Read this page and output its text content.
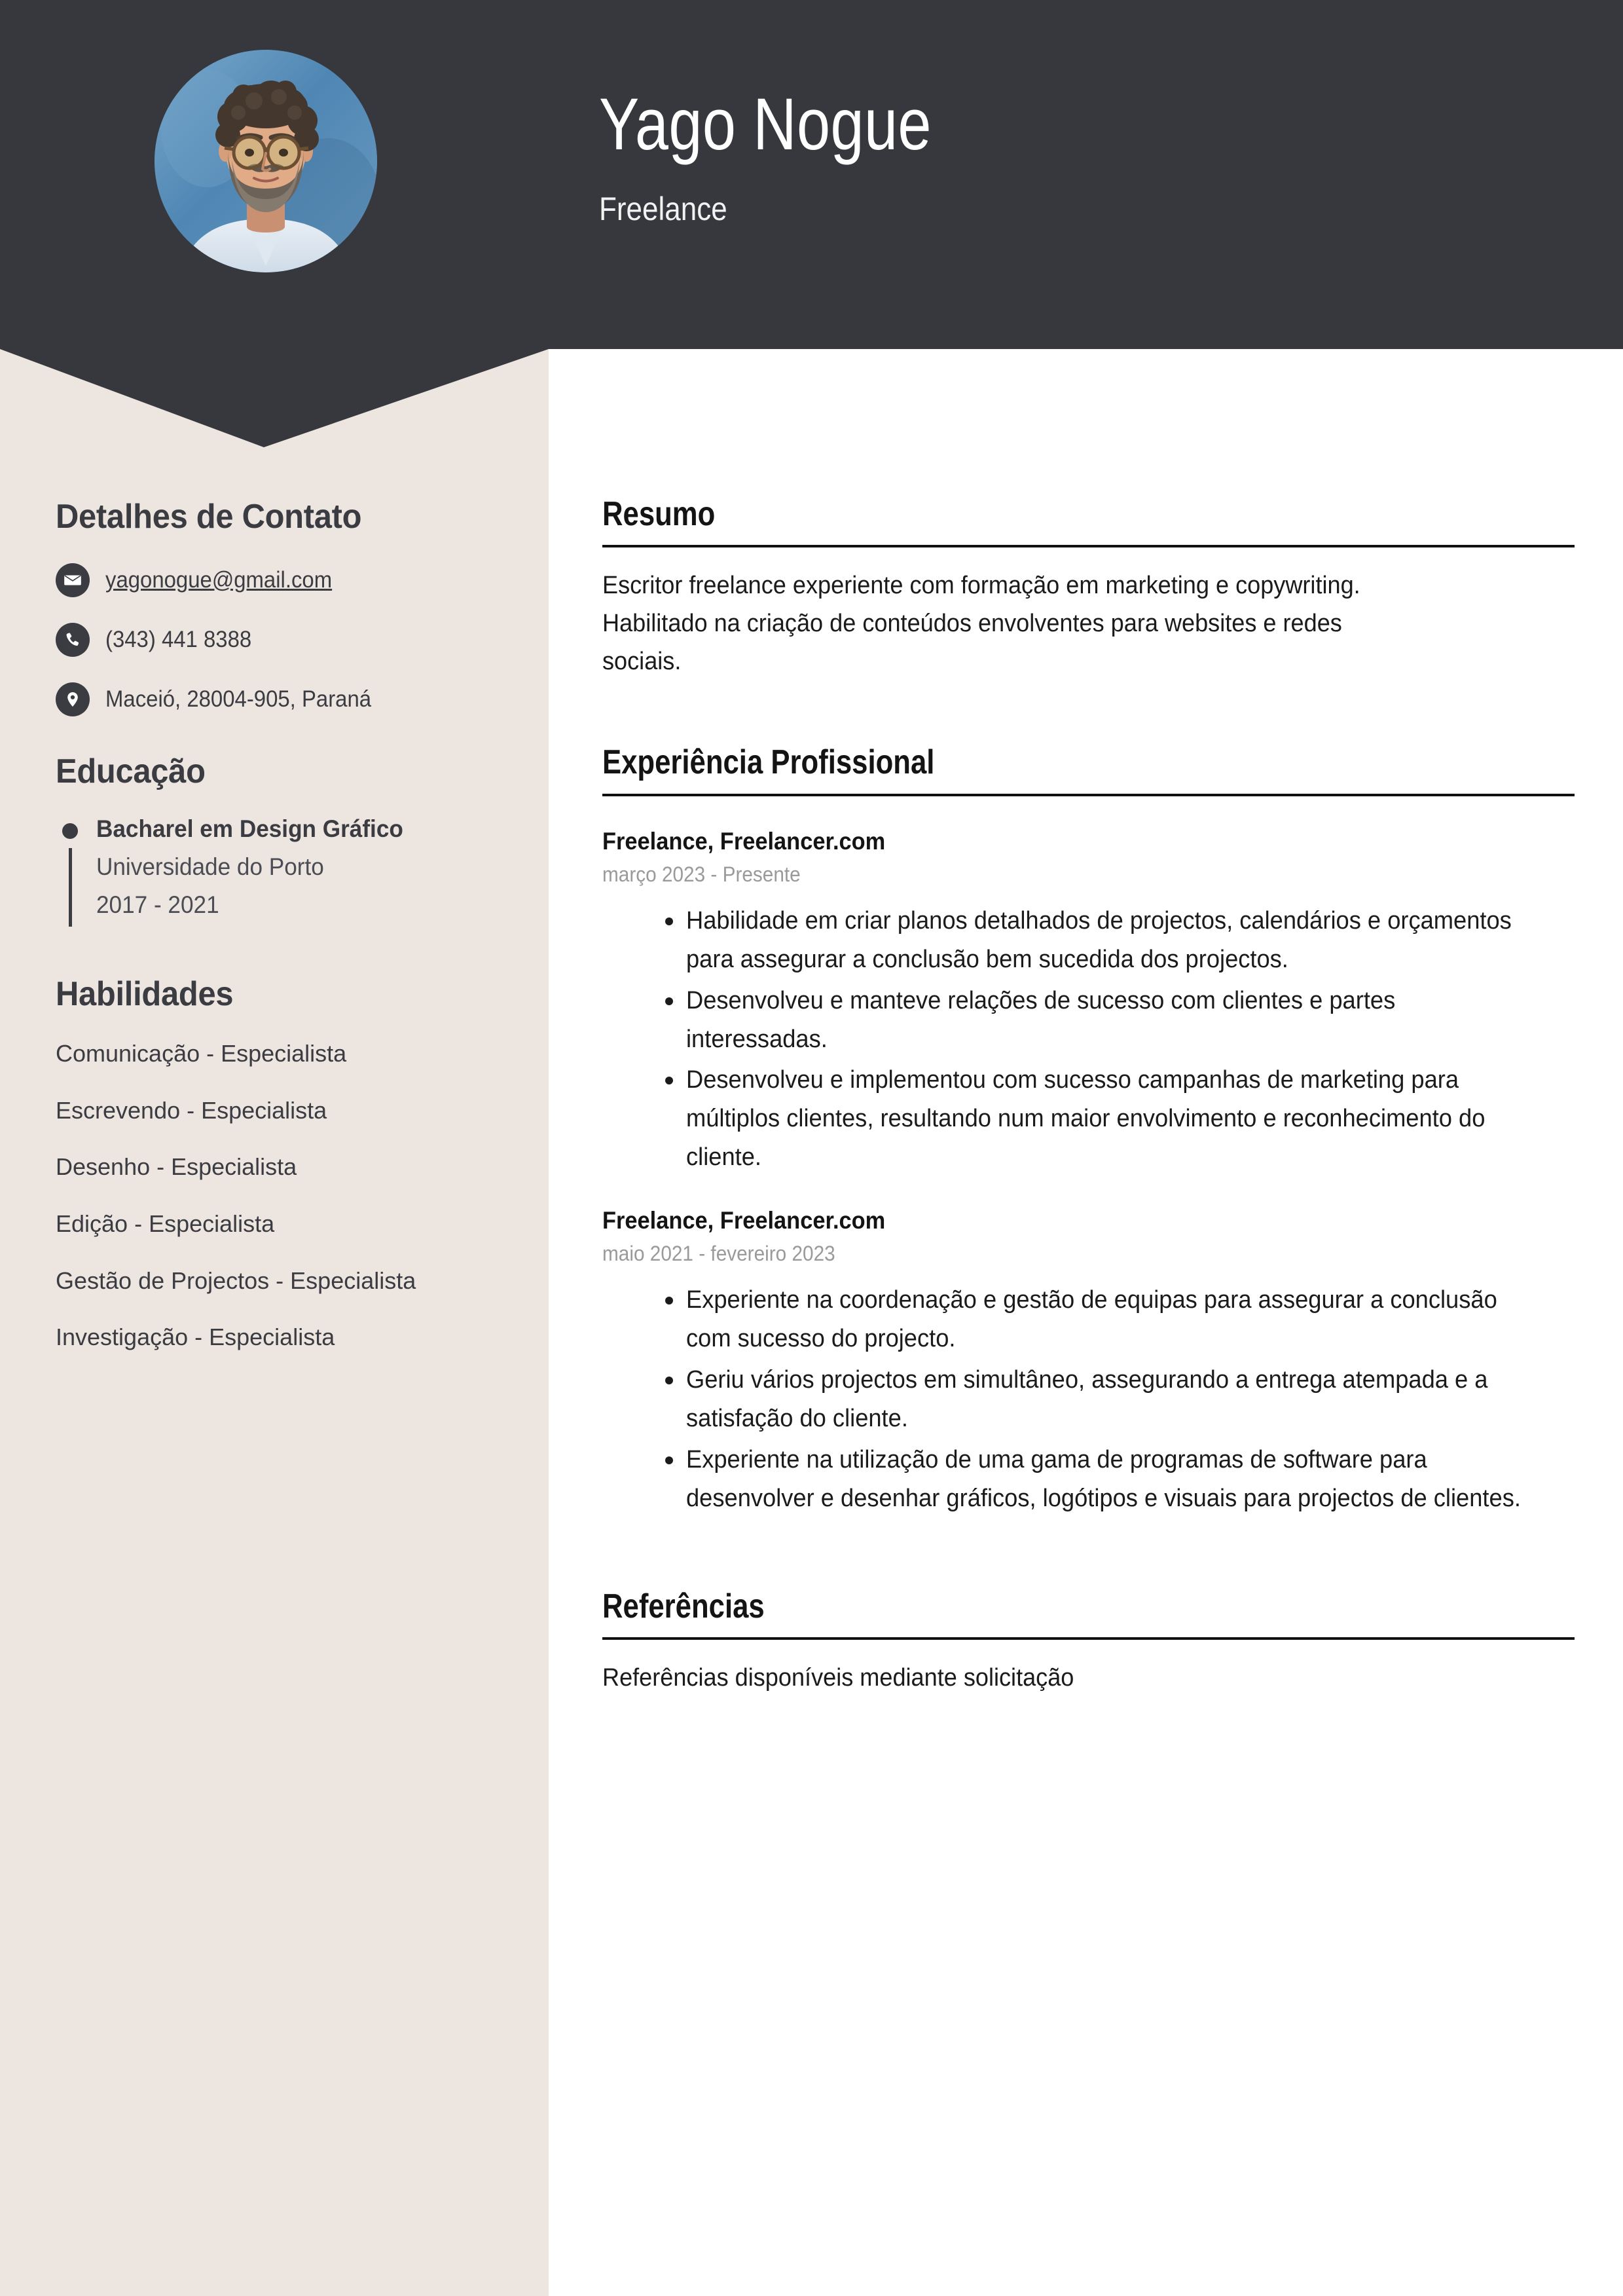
Yago Nogue
Freelance
Detalhes de Contato
yagonogue@gmail.com
(343) 441 8388
Maceió, 28004-905, Paraná
Educação
Bacharel em Design Gráfico
Universidade do Porto
2017 - 2021
Habilidades
Comunicação - Especialista
Escrevendo - Especialista
Desenho - Especialista
Edição - Especialista
Gestão de Projectos - Especialista
Investigação - Especialista
Resumo
Escritor freelance experiente com formação em marketing e copywriting. Habilitado na criação de conteúdos envolventes para websites e redes sociais.
Experiência Profissional
Freelance, Freelancer.com
março 2023 - Presente
Habilidade em criar planos detalhados de projectos, calendários e orçamentos para assegurar a conclusão bem sucedida dos projectos.
Desenvolveu e manteve relações de sucesso com clientes e partes interessadas.
Desenvolveu e implementou com sucesso campanhas de marketing para múltiplos clientes, resultando num maior envolvimento e reconhecimento do cliente.
Freelance, Freelancer.com
maio 2021 - fevereiro 2023
Experiente na coordenação e gestão de equipas para assegurar a conclusão com sucesso do projecto.
Geriu vários projectos em simultâneo, assegurando a entrega atempada e a satisfação do cliente.
Experiente na utilização de uma gama de programas de software para desenvolver e desenhar gráficos, logótipos e visuais para projectos de clientes.
Referências
Referências disponíveis mediante solicitação
